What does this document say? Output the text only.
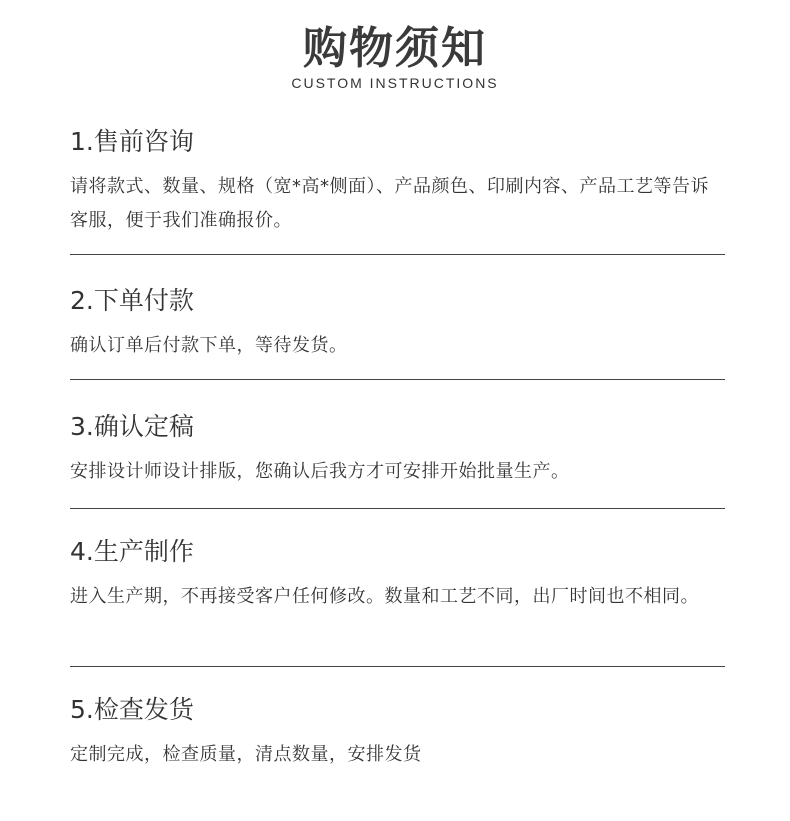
购物须知
CUSTOM INSTRUCTIONS
1.售前咨询
请将款式、数量、规格（宽*高*侧面）、产品颜色、印刷内容、产品工艺等告诉客服，便于我们准确报价。
2.下单付款
确认订单后付款下单，等待发货。
3.确认定稿
安排设计师设计排版，您确认后我方才可安排开始批量生产。
4.生产制作
进入生产期，不再接受客户任何修改。数量和工艺不同，出厂时间也不相同。
5.检查发货
定制完成，检查质量，清点数量，安排发货
